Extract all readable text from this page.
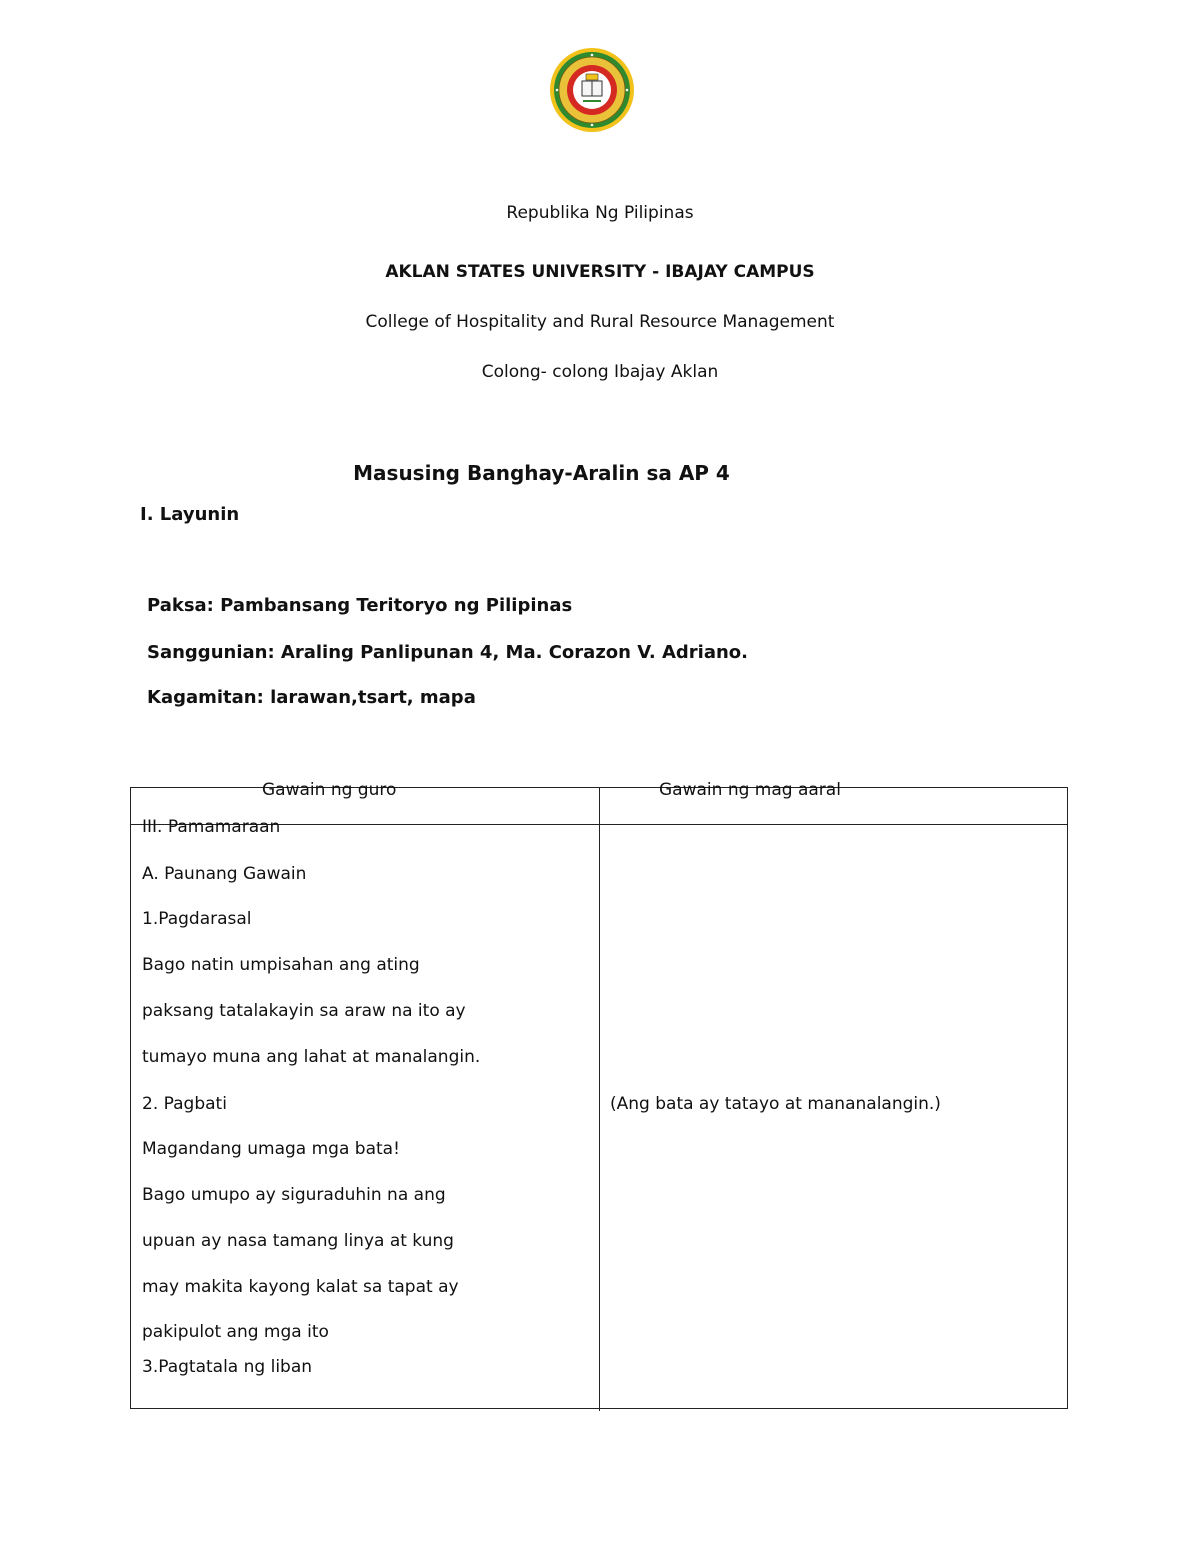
Republika Ng Pilipinas
AKLAN STATES UNIVERSITY - IBAJAY CAMPUS
College of Hospitality and Rural Resource Management
Colong- colong Ibajay Aklan
Masusing Banghay-Aralin sa AP 4
I. Layunin
Paksa: Pambansang Teritoryo ng Pilipinas
Sanggunian: Araling Panlipunan 4, Ma. Corazon V. Adriano.
Kagamitan: larawan,tsart, mapa
Gawain ng guro	Gawain ng mag aaral
III. Pamamaraan
A. Paunang Gawain
1.Pagdarasal
Bago natin umpisahan ang ating
paksang tatalakayin sa araw na ito ay
tumayo muna ang lahat at manalangin.
2. Pagbati
Magandang umaga mga bata!
Bago umupo ay siguraduhin na ang
upuan ay nasa tamang linya at kung
may makita kayong kalat sa tapat ay
pakipulot ang mga ito
3.Pagtatala ng liban
(Ang bata ay tatayo at mananalangin.)
